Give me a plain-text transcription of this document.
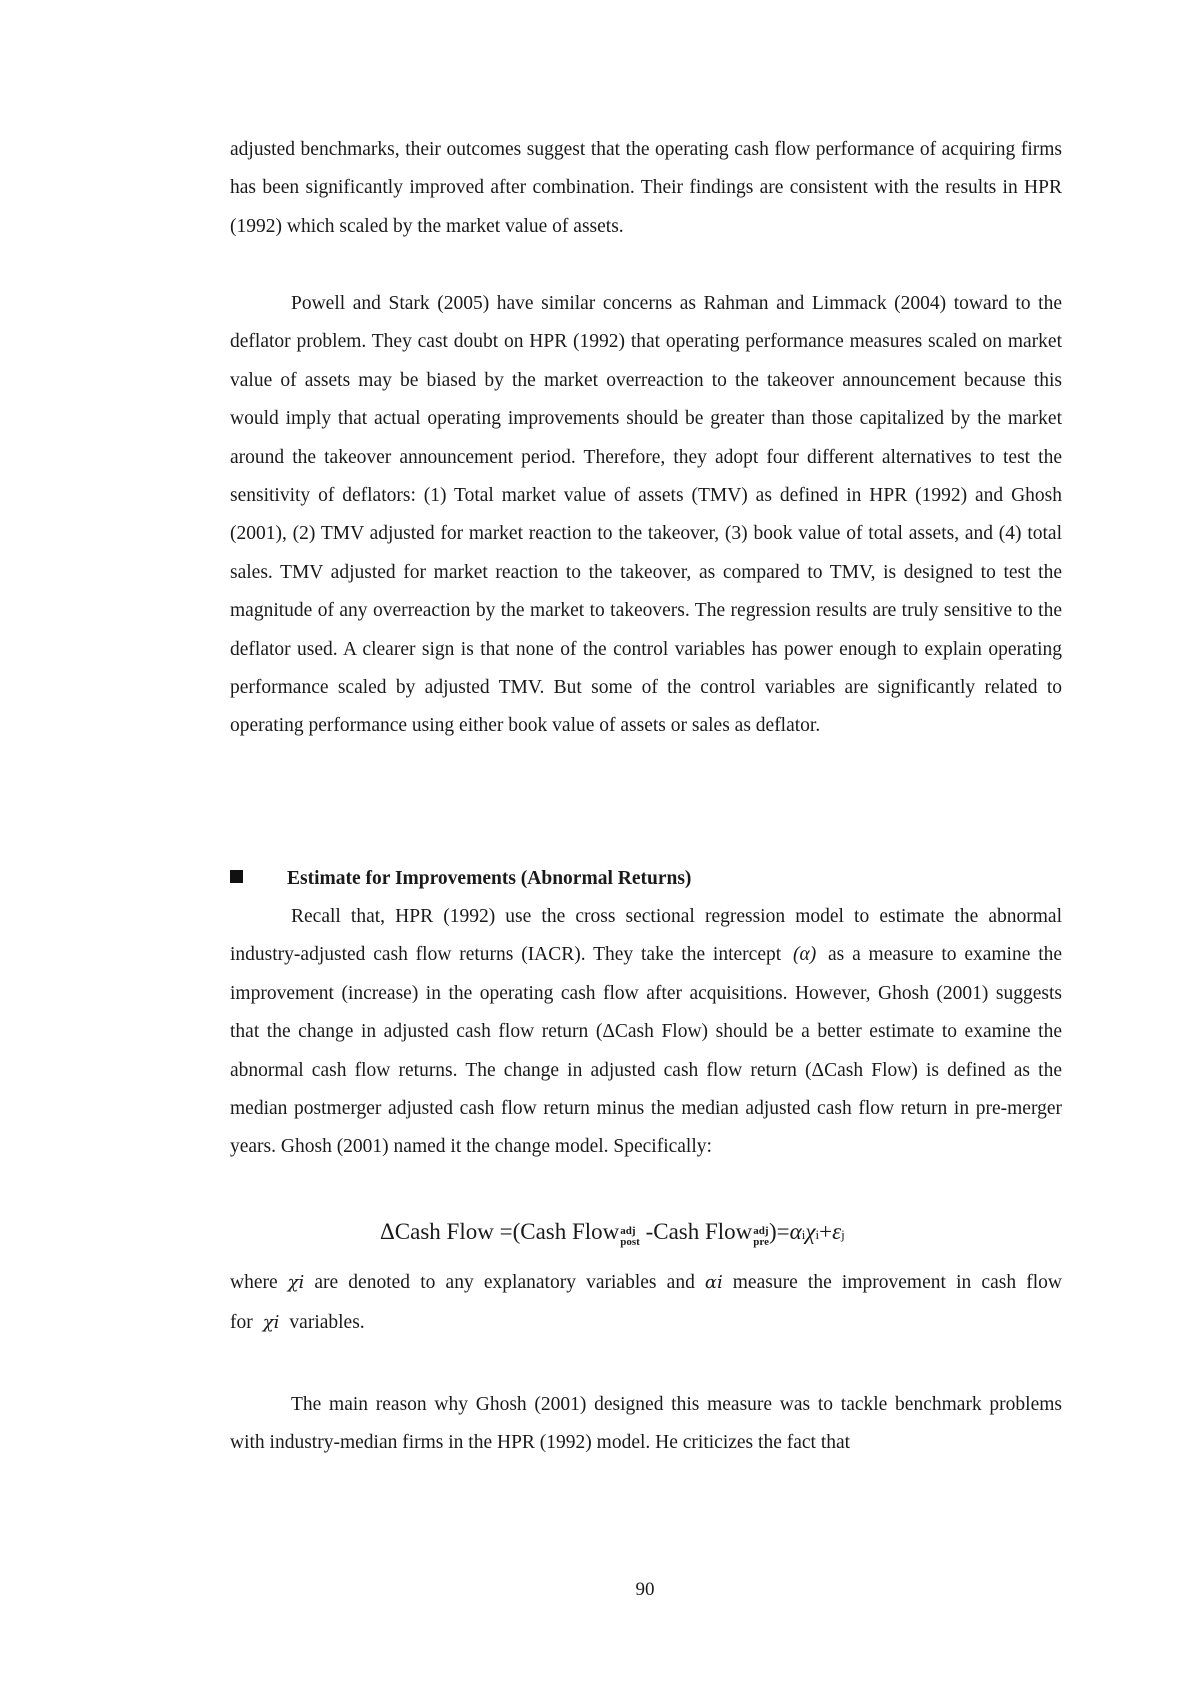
adjusted benchmarks, their outcomes suggest that the operating cash flow performance of acquiring firms has been significantly improved after combination. Their findings are consistent with the results in HPR (1992) which scaled by the market value of assets.

Powell and Stark (2005) have similar concerns as Rahman and Limmack (2004) toward to the deflator problem. They cast doubt on HPR (1992) that operating performance measures scaled on market value of assets may be biased by the market overreaction to the takeover announcement because this would imply that actual operating improvements should be greater than those capitalized by the market around the takeover announcement period. Therefore, they adopt four different alternatives to test the sensitivity of deflators: (1) Total market value of assets (TMV) as defined in HPR (1992) and Ghosh (2001), (2) TMV adjusted for market reaction to the takeover, (3) book value of total assets, and (4) total sales. TMV adjusted for market reaction to the takeover, as compared to TMV, is designed to test the magnitude of any overreaction by the market to takeovers. The regression results are truly sensitive to the deflator used. A clearer sign is that none of the control variables has power enough to explain operating performance scaled by adjusted TMV. But some of the control variables are significantly related to operating performance using either book value of assets or sales as deflator.

Estimate for Improvements (Abnormal Returns)

Recall that, HPR (1992) use the cross sectional regression model to estimate the abnormal industry-adjusted cash flow returns (IACR). They take the intercept (α) as a measure to examine the improvement (increase) in the operating cash flow after acquisitions. However, Ghosh (2001) suggests that the change in adjusted cash flow return (ΔCash Flow) should be a better estimate to examine the abnormal cash flow returns. The change in adjusted cash flow return (ΔCash Flow) is defined as the median postmerger adjusted cash flow return minus the median adjusted cash flow return in pre-merger years. Ghosh (2001) named it the change model. Specifically:

ΔCash Flow =(Cash Flow adj
post -Cash Flow adj
pre )=αiχi+εj

where χi are denoted to any explanatory variables and αi measure the improvement in cash flow for χi variables.

The main reason why Ghosh (2001) designed this measure was to tackle benchmark problems with industry-median firms in the HPR (1992) model. He criticizes the fact that

90
